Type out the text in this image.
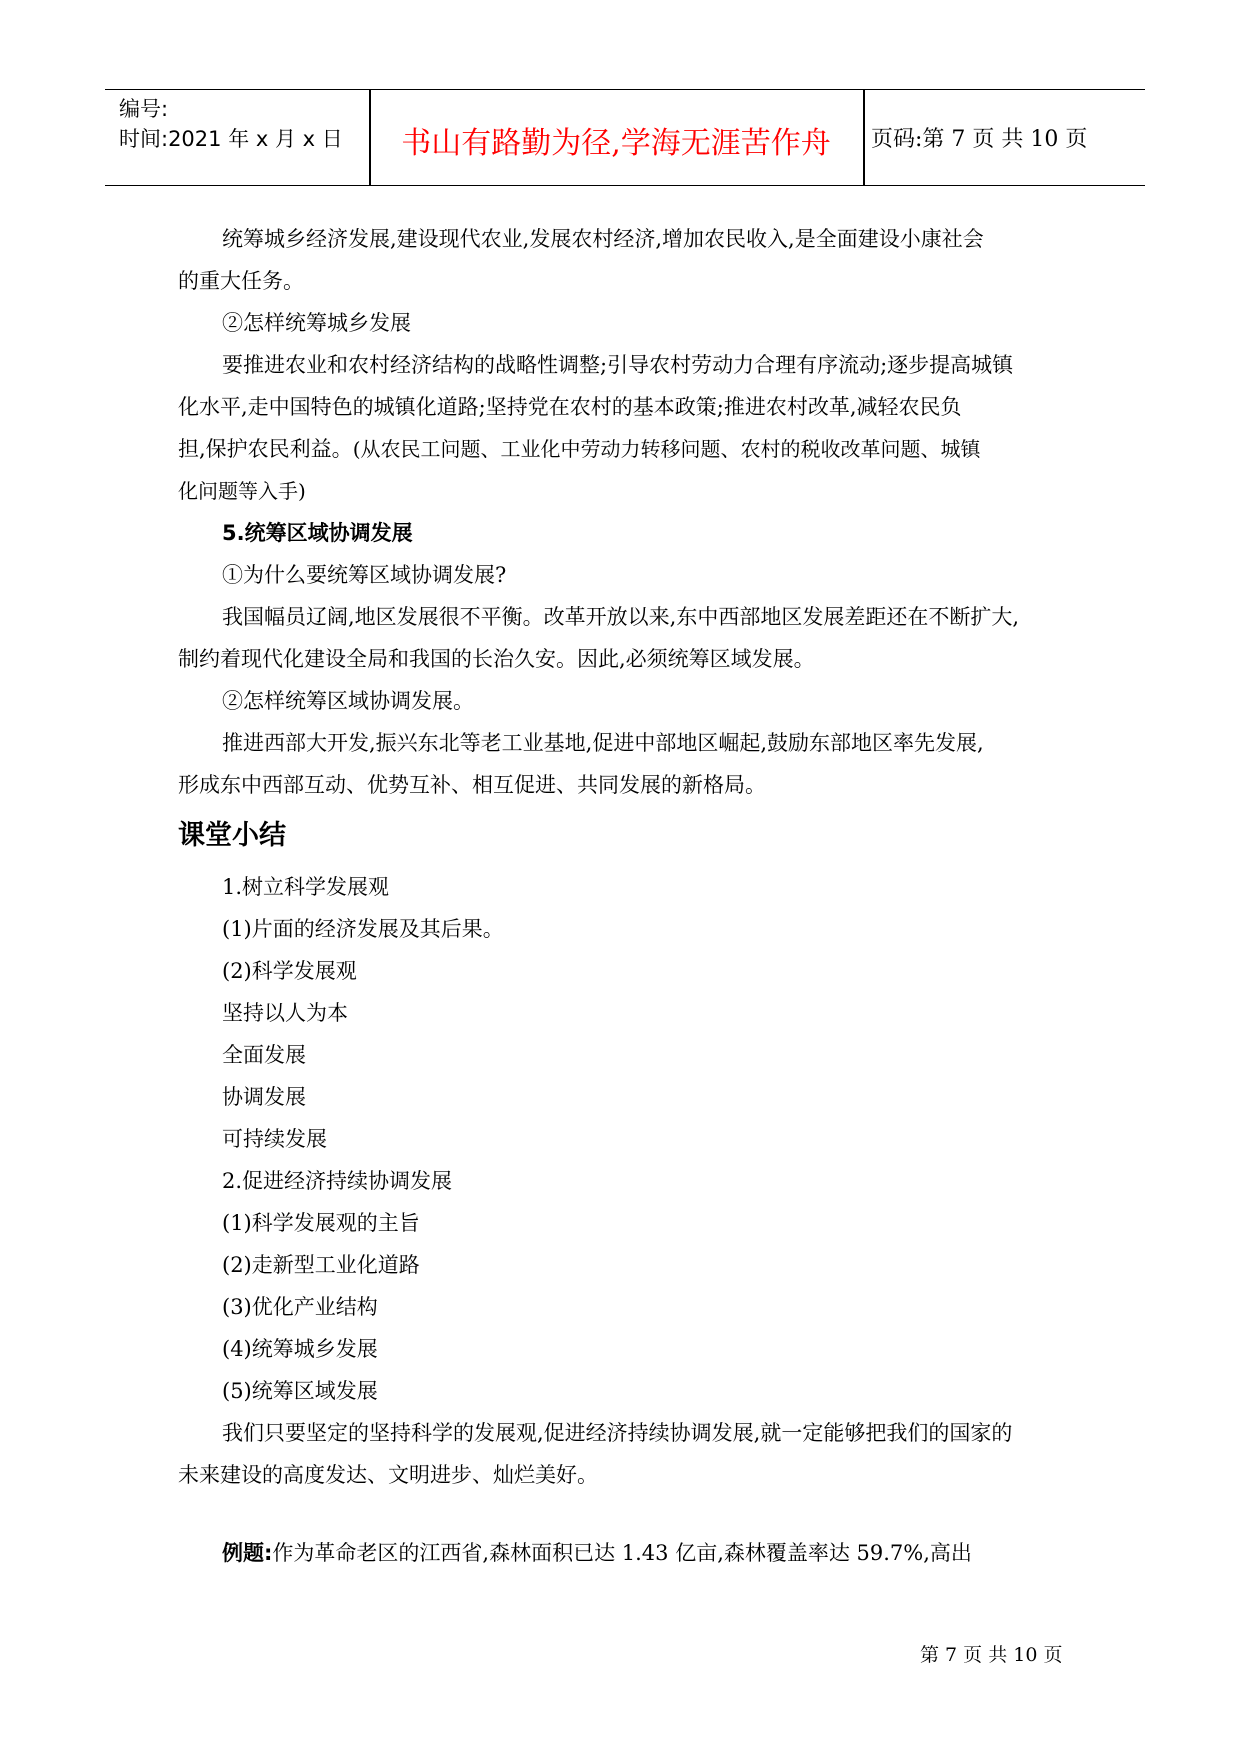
编号:
时间:2021 年 x 月 x 日	书山有路勤为径,学海无涯苦作舟	页码:第 7 页 共 10 页
统筹城乡经济发展,建设现代农业,发展农村经济,增加农民收入,是全面建设小康社会
的重大任务。
②怎样统筹城乡发展
要推进农业和农村经济结构的战略性调整;引导农村劳动力合理有序流动;逐步提高城镇
化水平,走中国特色的城镇化道路;坚持党在农村的基本政策;推进农村改革,减轻农民负
担,保护农民利益。(从农民工问题、工业化中劳动力转移问题、农村的税收改革问题、城镇
化问题等入手)
5.统筹区域协调发展
①为什么要统筹区域协调发展?
我国幅员辽阔,地区发展很不平衡。改革开放以来,东中西部地区发展差距还在不断扩大,
制约着现代化建设全局和我国的长治久安。因此,必须统筹区域发展。
②怎样统筹区域协调发展。
推进西部大开发,振兴东北等老工业基地,促进中部地区崛起,鼓励东部地区率先发展,
形成东中西部互动、优势互补、相互促进、共同发展的新格局。
课堂小结
1.树立科学发展观
(1)片面的经济发展及其后果。
(2)科学发展观
坚持以人为本
全面发展
协调发展
可持续发展
2.促进经济持续协调发展
(1)科学发展观的主旨
(2)走新型工业化道路
(3)优化产业结构
(4)统筹城乡发展
(5)统筹区域发展
我们只要坚定的坚持科学的发展观,促进经济持续协调发展,就一定能够把我们的国家的
未来建设的高度发达、文明进步、灿烂美好。
例题:作为革命老区的江西省,森林面积已达 1.43 亿亩,森林覆盖率达 59.7%,高出
第 7 页 共 10 页
